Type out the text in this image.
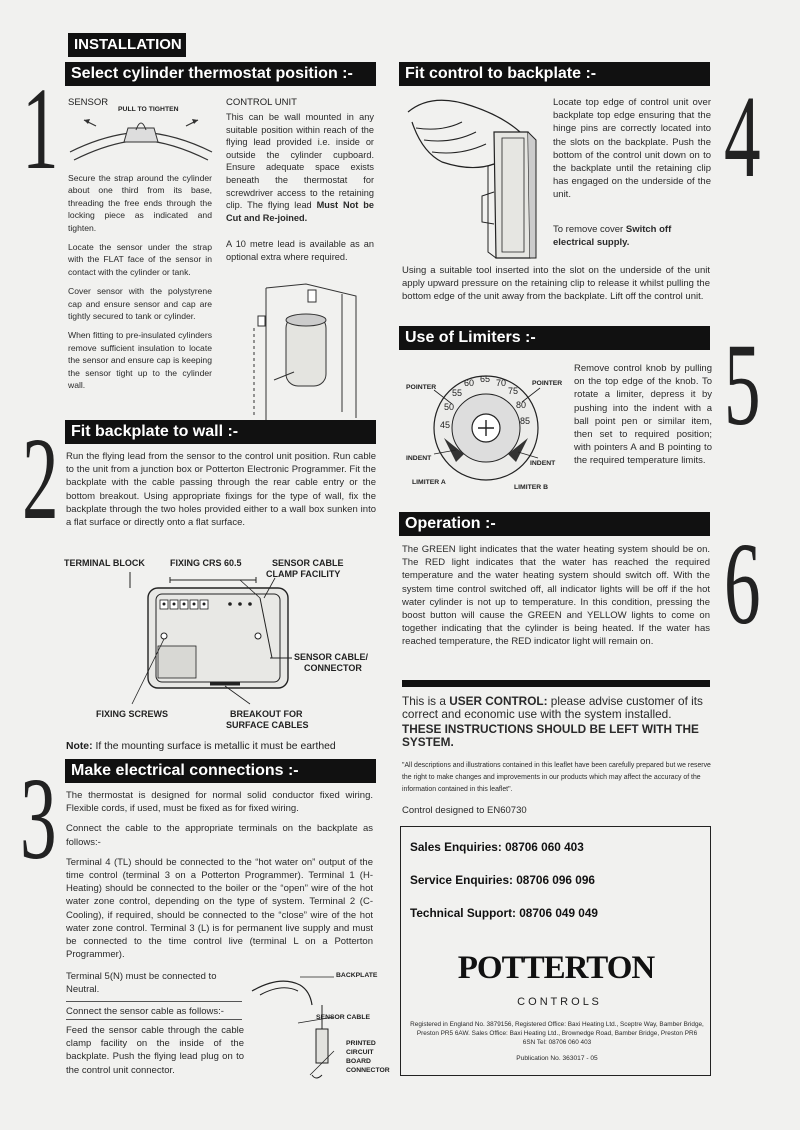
INSTALLATION
1
2
3
4
5
6
Select cylinder thermostat position :-
SENSOR
PULL TO TIGHTEN

Secure the strap around the cylinder about one third from its base, threading the free ends through the locking piece as indicated and tighten.

Locate the sensor under the strap with the FLAT face of the sensor in contact with the cylinder or tank.

Cover sensor with the polystyrene cap and ensure sensor and cap are tightly secured to tank or cylinder.

When fitting to pre-insulated cylinders remove sufficient insulation to locate the sensor and ensure cap is keeping the sensor tight up to the cylinder wall.

CONTROL UNIT
This can be wall mounted in any suitable position within reach of the flying lead provided i.e. inside or outside the cylinder cupboard. Ensure adequate space exists beneath the thermostat for screwdriver access to the retaining clip. The flying lead Must Not be Cut and Re-joined.
A 10 metre lead is available as an optional extra where required.
Fit backplate to wall :-
Run the flying lead from the sensor to the control unit position. Run cable to the unit from a junction box or Potterton Electronic Programmer. Fit the backplate with the cable passing through the rear cable entry or the bottom breakout. Using appropriate fixings for the type of wall, fix the backplate through the two holes provided either to a wall box sunken into a flat surface or directly onto a flat surface.
TERMINAL BLOCK	FIXING CRS 60.5	SENSOR CABLE
CLAMP FACILITY
SENSOR CABLE/
CONNECTOR
FIXING SCREWS	BREAKOUT FOR
SURFACE CABLES
Note: If the mounting surface is metallic it must be earthed
Make electrical connections :-

The thermostat is designed for normal solid conductor fixed wiring. Flexible cords, if used, must be fixed as for fixed wiring.

Connect the cable to the appropriate terminals on the backplate as follows:-

Terminal 4 (TL) should be connected to the “hot water on” output of the time control (terminal 3 on a Potterton Programmer). Terminal 1 (H-Heating) should be connected to the boiler or the “open” wire of the hot water zone control, depending on the type of system. Terminal 2 (C-Cooling), if required, should be connected to the “close” wire of the hot water zone control. Terminal 3 (L) is for permanent live supply and must be connected to the time control live (terminal L on a Potterton Programmer).

Terminal 5(N) must be connected to Neutral.
Connect the sensor cable as follows:-
Feed the sensor cable through the cable clamp facility on the inside of the backplate. Push the flying lead plug on to the control unit connector.
BACKPLATE
SENSOR CABLE
PRINTED
CIRCUIT
BOARD
CONNECTOR
Fit control to backplate :-
Locate top edge of control unit over backplate top edge ensuring that the hinge pins are correctly located into the slots on the backplate. Push the bottom of the control unit down on to the backplate until the retaining clip has engaged on the underside of the unit.
To remove cover Switch off electrical supply.
Using a suitable tool inserted into the slot on the underside of the unit apply upward pressure on the retaining clip to release it whilst pulling the bottom edge of the unit away from the backplate. Lift off the control unit.
Use of Limiters :-
45
50
55
60 65 70
75
80
85
POINTER
POINTER
INDENT
INDENT
LIMITER A
LIMITER B
Remove control knob by pulling on the top edge of the knob. To rotate a limiter, depress it by pushing into the indent with a ball point pen or similar item, then set to required position; with pointers A and B pointing to the required temperature limits.
Operation :-
The GREEN light indicates that the water heating system should be on. The RED light indicates that the water has reached the required temperature and the water heating system should switch off. With the system time control switched off, all indicator lights will be off if the hot water cylinder is not up to temperature. In this condition, pressing the boost button will cause the GREEN and YELLOW lights to come on together indicating that the cylinder is being heated. If the water has reached temperature, the RED indicator light will remain on.
This is a USER CONTROL: please advise customer of its correct and economic use with the system installed.
THESE INSTRUCTIONS SHOULD BE LEFT WITH THE SYSTEM.
"All descriptions and illustrations contained in this leaflet have been carefully prepared but we reserve the right to make changes and improvements in our products which may affect the accuracy of the information contained in this leaflet".
Control designed to EN60730
Sales Enquiries: 08706 060 403
Service Enquiries: 08706 096 096
Technical Support: 08706 049 049
POTTERTON
C O N T R O L S
Registered in England No. 3879156, Registered Office: Baxi Heating Ltd., Sceptre Way, Bamber Bridge, Preston PR5 6AW. Sales Office: Baxi Heating Ltd., Brownedge Road, Bamber Bridge, Preston PR6 6SN Tel: 08706 060 403
Publication No. 363017 - 05
